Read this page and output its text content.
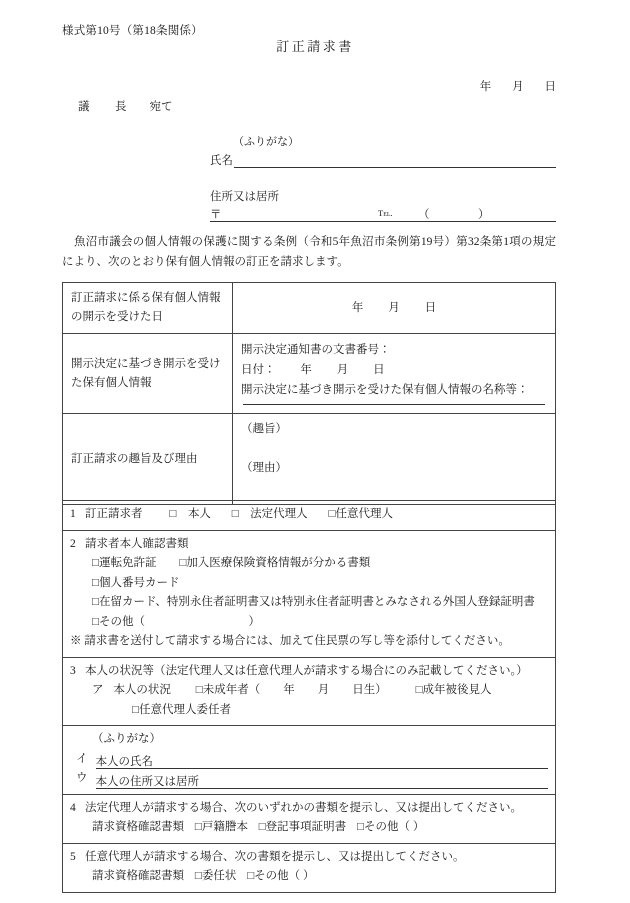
様式第10号（第18条関係）
訂正請求書
年 月 日
議　長 宛て
（ふりがな）
氏名
住所又は居所
〒	Tel. （	）
魚沼市議会の個人情報の保護に関する条例（令和5年魚沼市条例第19号）第32条第1項の規定により、次のとおり保有個人情報の訂正を請求します。
訂正請求に係る保有個人情報の開示を受けた日	年 月 日

開示決定に基づき開示を受けた保有個人情報	開示決定通知書の文書番号：
日付： 年 月 日
開示決定に基づき開示を受けた保有個人情報の名称等：

訂正請求の趣旨及び理由	（趣旨）
（理由）
1 訂正請求者 □　本人 □　法定代理人 □任意代理人

2 請求者本人確認書類
□運転免許証 □加入医療保険資格情報が分かる書類
□個人番号カード
□在留カード、特別永住者証明書又は特別永住者証明書とみなされる外国人登録証明書
□その他（　　　　　　　　　）
※ 請求書を送付して請求する場合には、加えて住民票の写し等を添付してください。

3 本人の状況等（法定代理人又は任意代理人が請求する場合にのみ記載してください。）
ア 本人の状況 □未成年者（　　年　　月　　日生）	□成年被後見人
□任意代理人委任者

（ふりがな）
イ 本人の氏名
ウ 本人の住所又は居所

4 法定代理人が請求する場合、次のいずれかの書類を提示し、又は提出してください。
請求資格確認書類 □戸籍謄本 □登記事項証明書 □その他（ ）

5 任意代理人が請求する場合、次の書類を提示し、又は提出してください。
請求資格確認書類 □委任状 □その他（ ）
